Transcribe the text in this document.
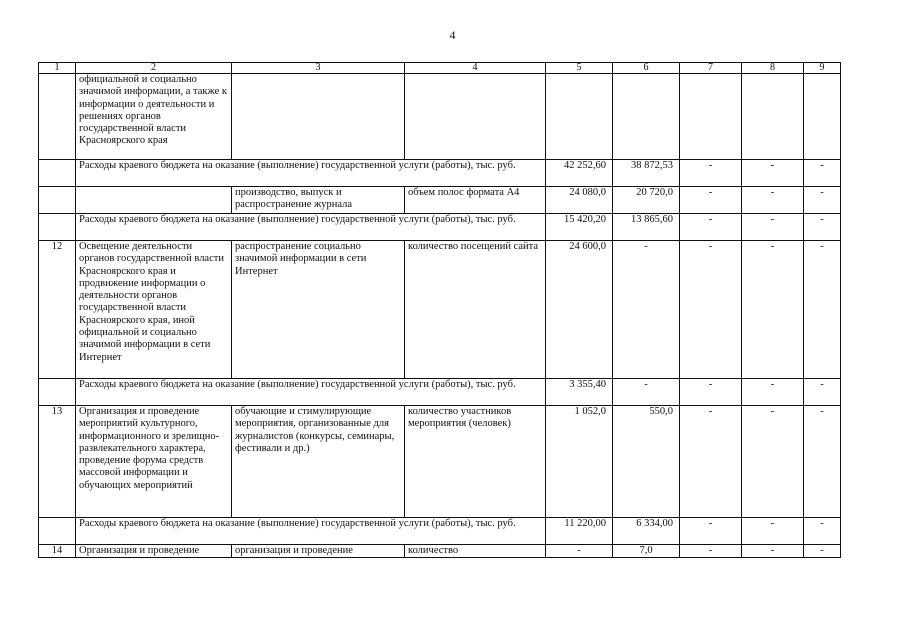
4
1	2	3	4	5	6	7	8	9
	официальной и социально значимой информации, а также к информации о деятельности и решениях органов государственной власти Красноярского края							
	Расходы краевого бюджета на оказание (выполнение) государственной услуги (работы), тыс. руб.			42 252,60	38 872,53	-	-	-
		производство, выпуск и распространение журнала	объем полос формата А4	24 080,0	20 720,0	-	-	-
	Расходы краевого бюджета на оказание (выполнение) государственной услуги (работы), тыс. руб.			15 420,20	13 865,60	-	-	-
12	Освещение деятельности органов государственной власти Красноярского края и продвижение информации о деятельности органов государственной власти Красноярского края, иной официальной и социально значимой информации в сети Интернет	распространение социально значимой информации в сети Интернет	количество посещений сайта	24 600,0	-	-	-	-
	Расходы краевого бюджета на оказание (выполнение) государственной услуги (работы), тыс. руб.			3 355,40	-	-	-	-
13	Организация и проведение мероприятий культурного, информационного и зрелищно-развлекательного характера, проведение форума средств массовой информации и обучающих мероприятий	обучающие и стимулирующие мероприятия, организованные для журналистов (конкурсы, семинары, фестивали и др.)	количество участников мероприятия (человек)	1 052,0	550,0	-	-	-
	Расходы краевого бюджета на оказание (выполнение) государственной услуги (работы), тыс. руб.			11 220,00	6 334,00	-	-	-
14	Организация и проведение	организация и проведение	количество	-	7,0	-	-	-
